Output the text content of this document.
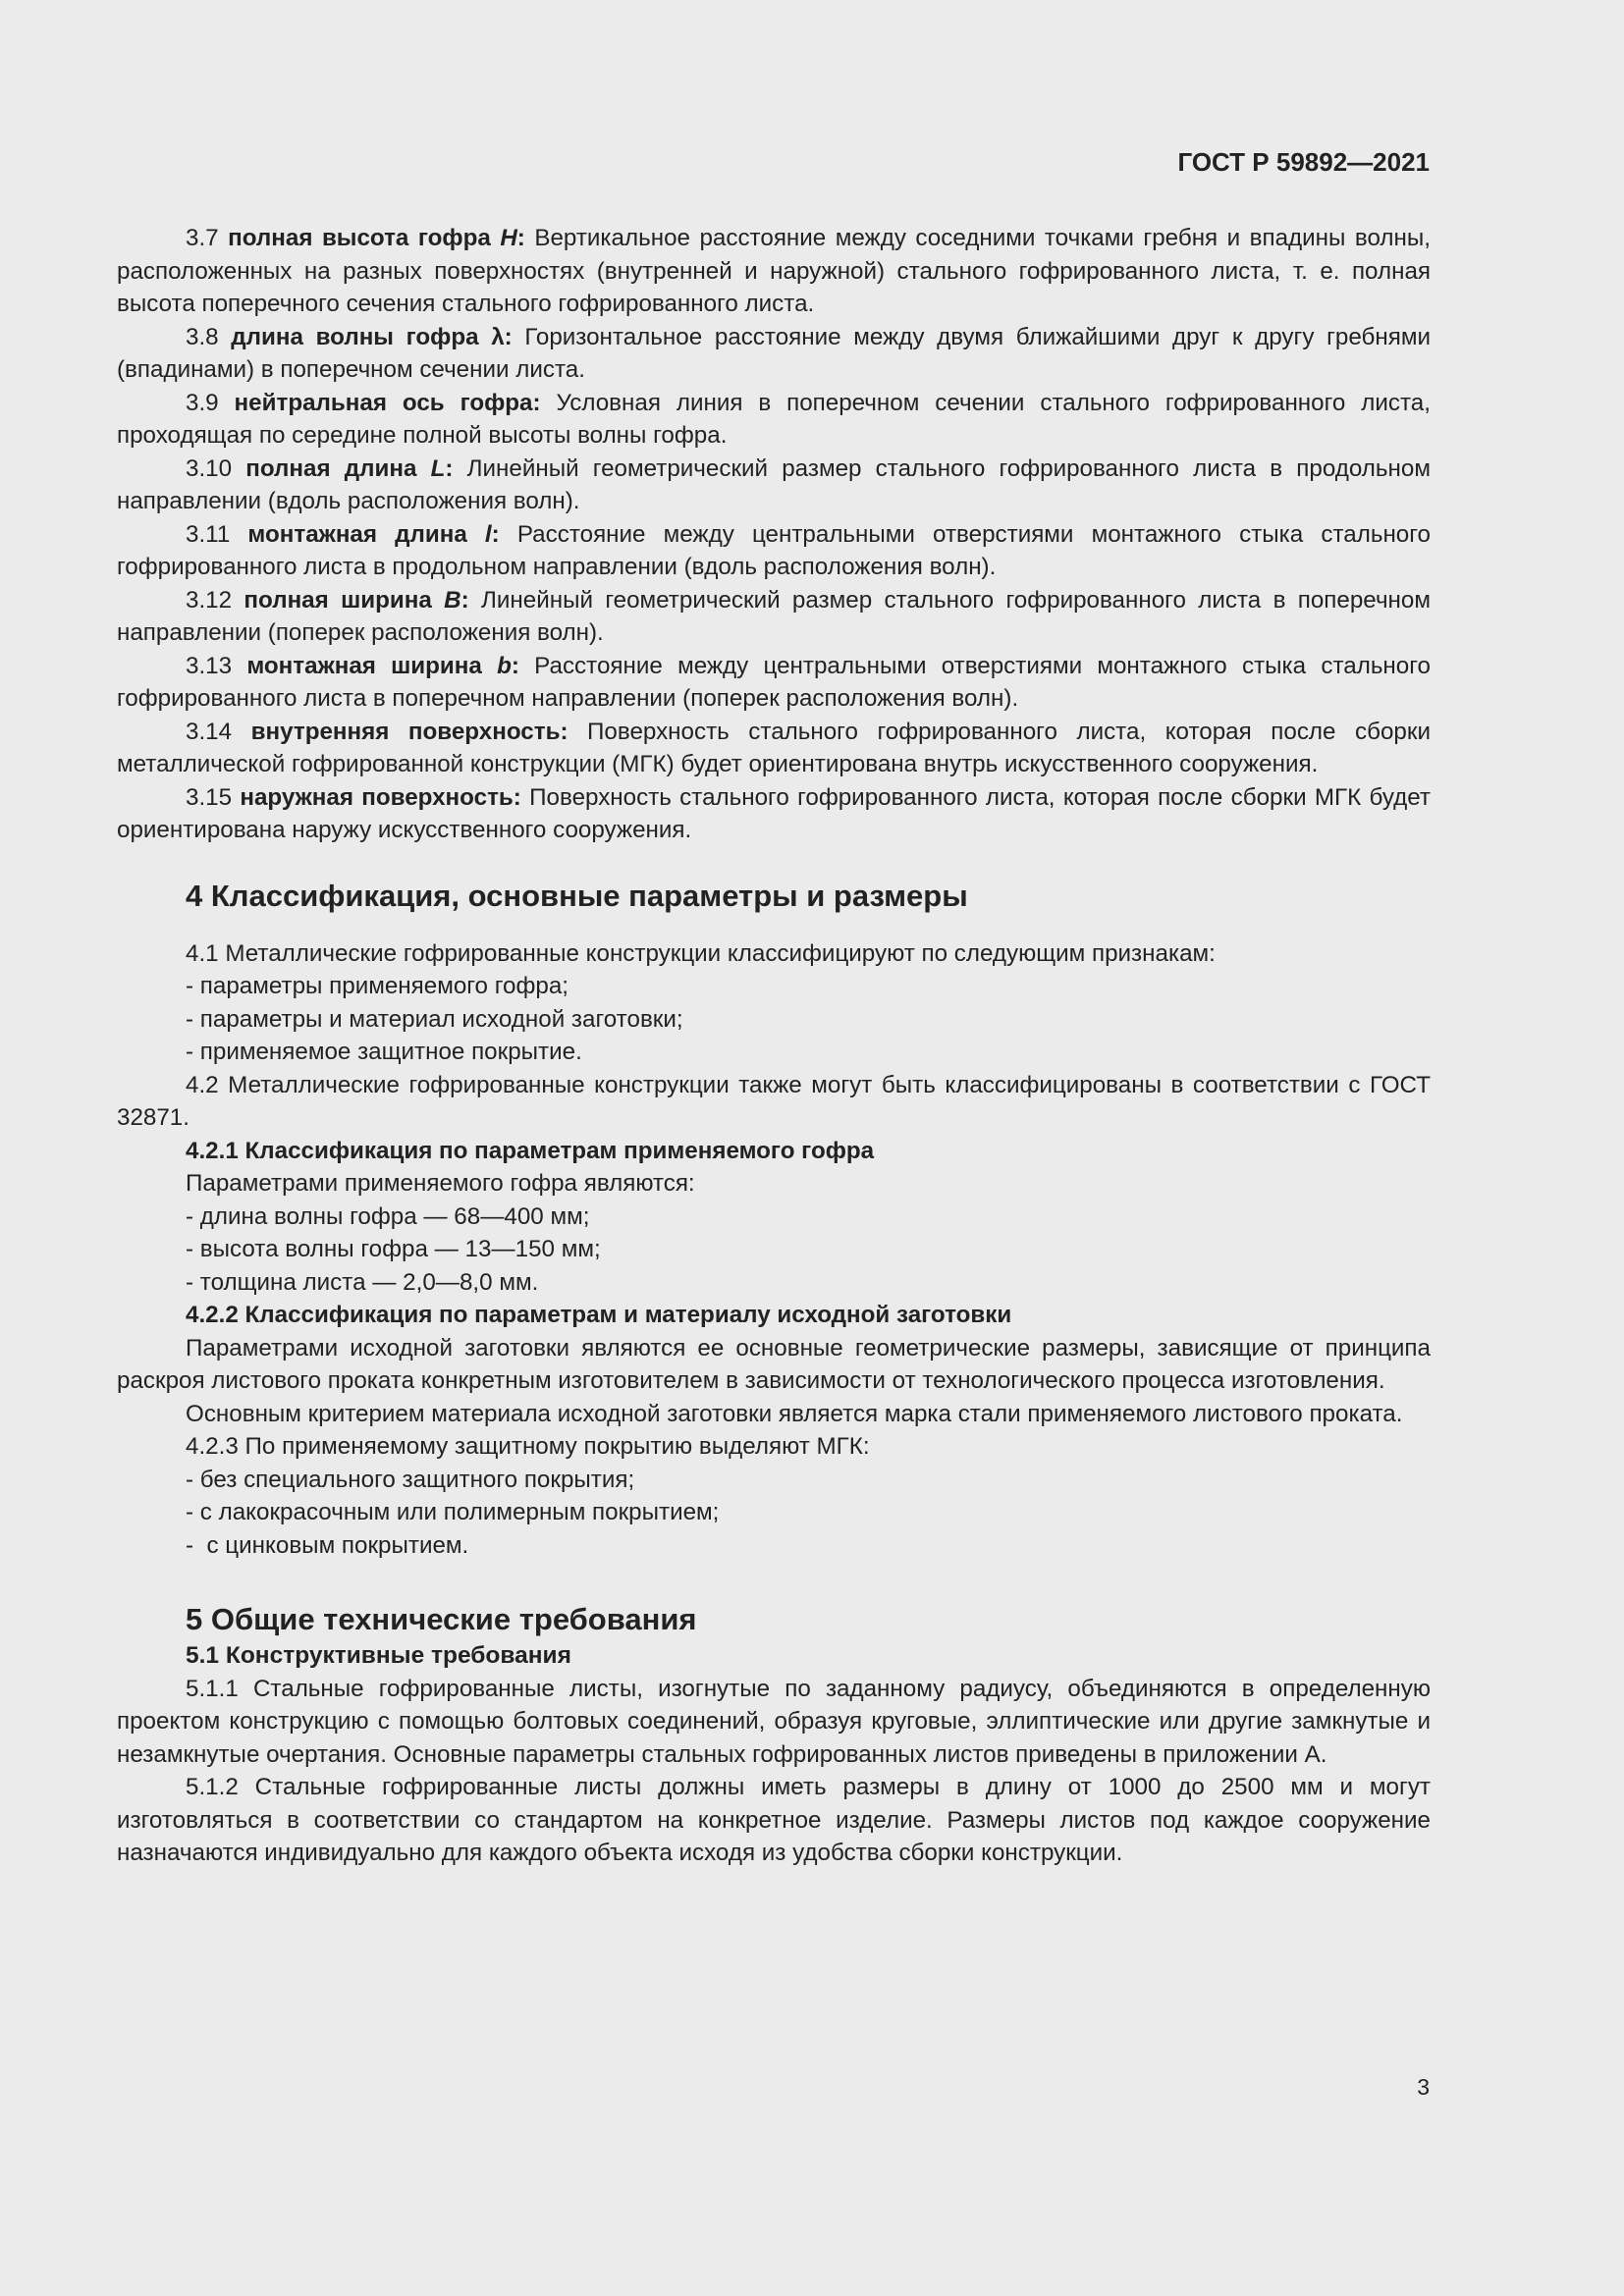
ГОСТ Р 59892—2021

3.7 полная высота гофра H: Вертикальное расстояние между соседними точками гребня и впадины волны, расположенных на разных поверхностях (внутренней и наружной) стального гофрированного листа, т. е. полная высота поперечного сечения стального гофрированного листа.

3.8 длина волны гофра λ: Горизонтальное расстояние между двумя ближайшими друг к другу гребнями (впадинами) в поперечном сечении листа.

3.9 нейтральная ось гофра: Условная линия в поперечном сечении стального гофрированного листа, проходящая по середине полной высоты волны гофра.

3.10 полная длина L: Линейный геометрический размер стального гофрированного листа в продольном направлении (вдоль расположения волн).

3.11 монтажная длина l: Расстояние между центральными отверстиями монтажного стыка стального гофрированного листа в продольном направлении (вдоль расположения волн).

3.12 полная ширина B: Линейный геометрический размер стального гофрированного листа в поперечном направлении (поперек расположения волн).

3.13 монтажная ширина b: Расстояние между центральными отверстиями монтажного стыка стального гофрированного листа в поперечном направлении (поперек расположения волн).

3.14 внутренняя поверхность: Поверхность стального гофрированного листа, которая после сборки металлической гофрированной конструкции (МГК) будет ориентирована внутрь искусственного сооружения.

3.15 наружная поверхность: Поверхность стального гофрированного листа, которая после сборки МГК будет ориентирована наружу искусственного сооружения.

4 Классификация, основные параметры и размеры

4.1 Металлические гофрированные конструкции классифицируют по следующим признакам:

- параметры применяемого гофра;

- параметры и материал исходной заготовки;

- применяемое защитное покрытие.

4.2 Металлические гофрированные конструкции также могут быть классифицированы в соответствии с ГОСТ 32871.

4.2.1 Классификация по параметрам применяемого гофра

Параметрами применяемого гофра являются:

- длина волны гофра — 68—400 мм;

- высота волны гофра — 13—150 мм;

- толщина листа — 2,0—8,0 мм.

4.2.2 Классификация по параметрам и материалу исходной заготовки

Параметрами исходной заготовки являются ее основные геометрические размеры, зависящие от принципа раскроя листового проката конкретным изготовителем в зависимости от технологического процесса изготовления.

Основным критерием материала исходной заготовки является марка стали применяемого листового проката.

4.2.3 По применяемому защитному покрытию выделяют МГК:

- без специального защитного покрытия;

- с лакокрасочным или полимерным покрытием;

-  с цинковым покрытием.

5 Общие технические требования

5.1 Конструктивные требования

5.1.1 Стальные гофрированные листы, изогнутые по заданному радиусу, объединяются в определенную проектом конструкцию с помощью болтовых соединений, образуя круговые, эллиптические или другие замкнутые и незамкнутые очертания. Основные параметры стальных гофрированных листов приведены в приложении А.

5.1.2 Стальные гофрированные листы должны иметь размеры в длину от 1000 до 2500 мм и могут изготовляться в соответствии со стандартом на конкретное изделие. Размеры листов под каждое сооружение назначаются индивидуально для каждого объекта исходя из удобства сборки конструкции.

3
